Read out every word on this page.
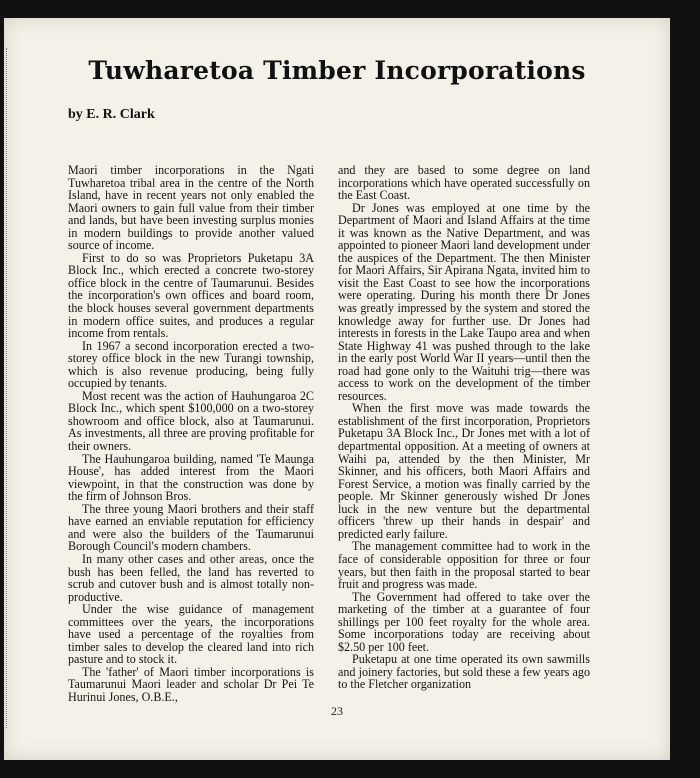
Tuwharetoa Timber Incorporations

by E. R. Clark

Maori timber incorporations in the Ngati Tuwharetoa tribal area in the centre of the North Island, have in recent years not only enabled the Maori owners to gain full value from their timber and lands, but have been investing surplus monies in modern buildings to provide another valued source of income.

First to do so was Proprietors Puketapu 3A Block Inc., which erected a concrete two-storey office block in the centre of Taumarunui. Besides the incorporation's own offices and board room, the block houses several government departments in modern office suites, and produces a regular income from rentals.

In 1967 a second incorporation erected a two-storey office block in the new Turangi township, which is also revenue producing, being fully occupied by tenants.

Most recent was the action of Hauhungaroa 2C Block Inc., which spent $100,000 on a two-storey showroom and office block, also at Taumarunui. As investments, all three are proving profitable for their owners.

The Hauhungaroa building, named 'Te Maunga House', has added interest from the Maori viewpoint, in that the construction was done by the firm of Johnson Bros.

The three young Maori brothers and their staff have earned an enviable reputation for efficiency and were also the builders of the Taumarunui Borough Council's modern chambers.

In many other cases and other areas, once the bush has been felled, the land has reverted to scrub and cutover bush and is almost totally non-productive.

Under the wise guidance of management committees over the years, the incorporations have used a percentage of the royalties from timber sales to develop the cleared land into rich pasture and to stock it.

The 'father' of Maori timber incorporations is Taumarunui Maori leader and scholar Dr Pei Te Hurinui Jones, O.B.E.,

and they are based to some degree on land incorporations which have operated successfully on the East Coast.

Dr Jones was employed at one time by the Department of Maori and Island Affairs at the time it was known as the Native Department, and was appointed to pioneer Maori land development under the auspices of the Department. The then Minister for Maori Affairs, Sir Apirana Ngata, invited him to visit the East Coast to see how the incorporations were operating. During his month there Dr Jones was greatly impressed by the system and stored the knowledge away for further use. Dr Jones had interests in forests in the Lake Taupo area and when State Highway 41 was pushed through to the lake in the early post World War II years—until then the road had gone only to the Waituhi trig—there was access to work on the development of the timber resources.

When the first move was made towards the establishment of the first incorporation, Proprietors Puketapu 3A Block Inc., Dr Jones met with a lot of departmental opposition. At a meeting of owners at Waihi pa, attended by the then Minister, Mr Skinner, and his officers, both Maori Affairs and Forest Service, a motion was finally carried by the people. Mr Skinner generously wished Dr Jones luck in the new venture but the departmental officers 'threw up their hands in despair' and predicted early failure.

The management committee had to work in the face of considerable opposition for three or four years, but then faith in the proposal started to bear fruit and progress was made.

The Government had offered to take over the marketing of the timber at a guarantee of four shillings per 100 feet royalty for the whole area. Some incorporations today are receiving about $2.50 per 100 feet.

Puketapu at one time operated its own sawmills and joinery factories, but sold these a few years ago to the Fletcher organization

23
